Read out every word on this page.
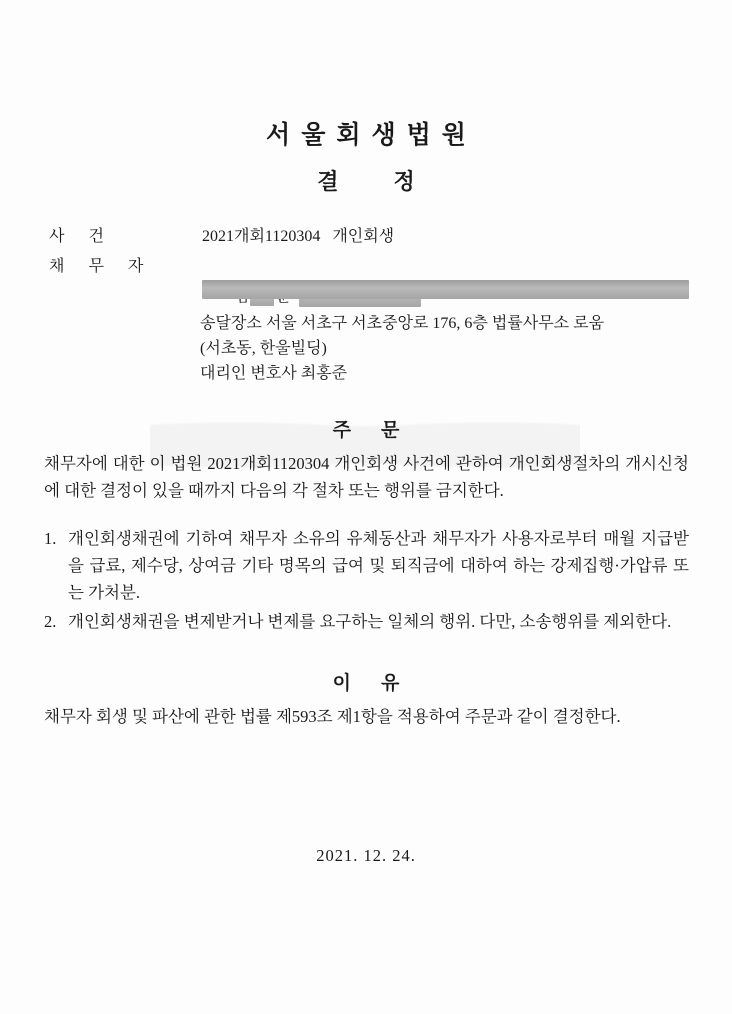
서울회생법원
결정
사 건	2021개회1120304   개인회생
채 무 자

송달장소 서울 서초구 서초중앙로 176, 6층 법률사무소 로움
(서초동, 한울빌딩)
대리인 변호사 최홍준
주문
채무자에 대한 이 법원 2021개회1120304 개인회생 사건에 관하여 개인회생절차의 개시신청에 대한 결정이 있을 때까지 다음의 각 절차 또는 행위를 금지한다.
1. 개인회생채권에 기하여 채무자 소유의 유체동산과 채무자가 사용자로부터 매월 지급받을 급료, 제수당, 상여금 기타 명목의 급여 및 퇴직금에 대하여 하는 강제집행·가압류 또는 가처분.
2. 개인회생채권을 변제받거나 변제를 요구하는 일체의 행위. 다만, 소송행위를 제외한다.
이유
채무자 회생 및 파산에 관한 법률 제593조 제1항을 적용하여 주문과 같이 결정한다.
2021. 12. 24.
